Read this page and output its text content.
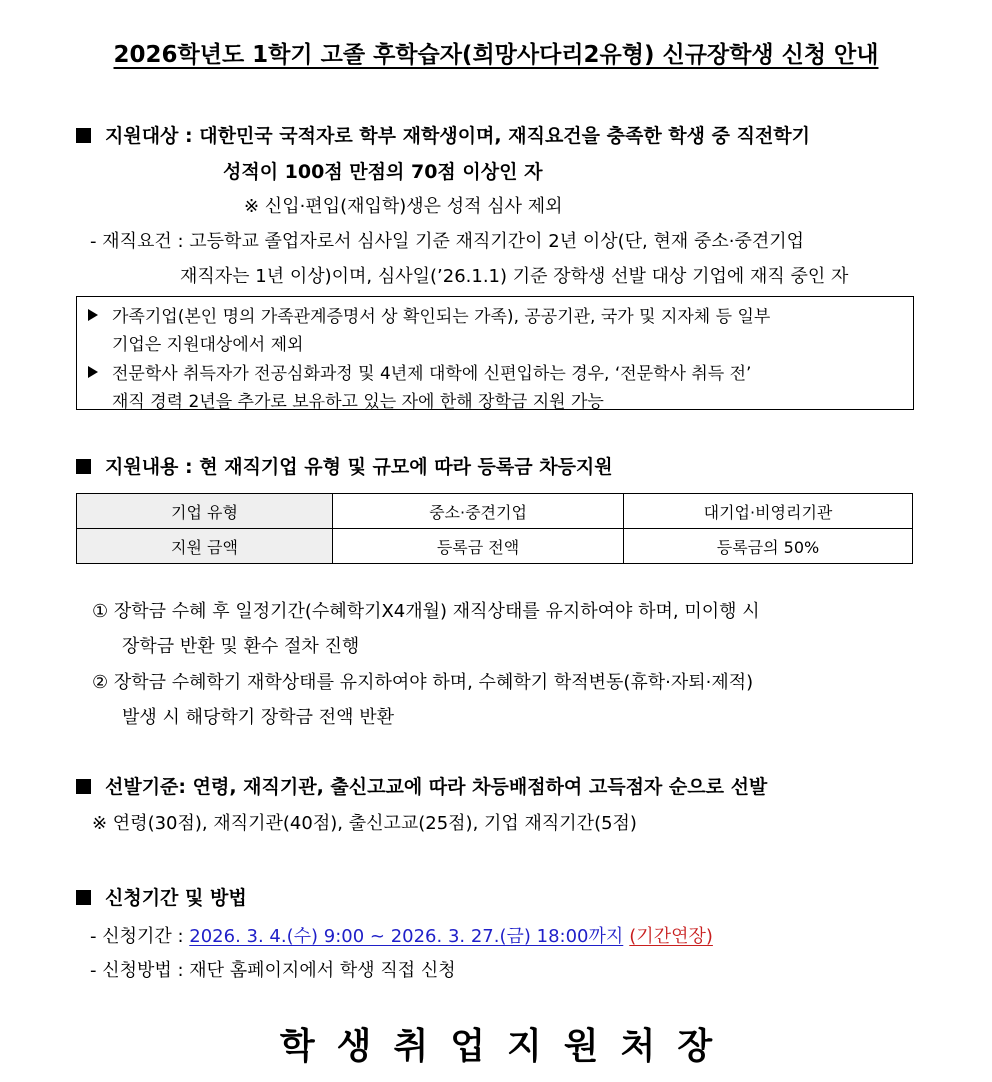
2026학년도 1학기 고졸 후학습자(희망사다리2유형) 신규장학생 신청 안내
지원대상 : 대한민국 국적자로 학부 재학생이며, 재직요건을 충족한 학생 중 직전학기
성적이 100점 만점의 70점 이상인 자
※ 신입·편입(재입학)생은 성적 심사 제외
- 재직요건 : 고등학교 졸업자로서 심사일 기준 재직기간이 2년 이상(단, 현재 중소·중견기업
재직자는 1년 이상)이며, 심사일(’26.1.1) 기준 장학생 선발 대상 기업에 재직 중인 자
가족기업(본인 명의 가족관계증명서 상 확인되는 가족), 공공기관, 국가 및 지자체 등 일부
기업은 지원대상에서 제외
전문학사 취득자가 전공심화과정 및 4년제 대학에 신편입하는 경우, ‘전문학사 취득 전’
재직 경력 2년을 추가로 보유하고 있는 자에 한해 장학금 지원 가능
지원내용 : 현 재직기업 유형 및 규모에 따라 등록금 차등지원
기업 유형	중소·중견기업	대기업·비영리기관
지원 금액	등록금 전액	등록금의 50%
① 장학금 수혜 후 일정기간(수혜학기X4개월) 재직상태를 유지하여야 하며, 미이행 시
장학금 반환 및 환수 절차 진행
② 장학금 수혜학기 재학상태를 유지하여야 하며, 수혜학기 학적변동(휴학·자퇴·제적)
발생 시 해당학기 장학금 전액 반환
선발기준: 연령, 재직기관, 출신고교에 따라 차등배점하여 고득점자 순으로 선발
※ 연령(30점), 재직기관(40점), 출신고교(25점), 기업 재직기간(5점)
신청기간 및 방법
- 신청기간 : 2026. 3. 4.(수) 9:00 ~ 2026. 3. 27.(금) 18:00까지 (기간연장)
- 신청방법 : 재단 홈페이지에서 학생 직접 신청
학생취업지원처장
